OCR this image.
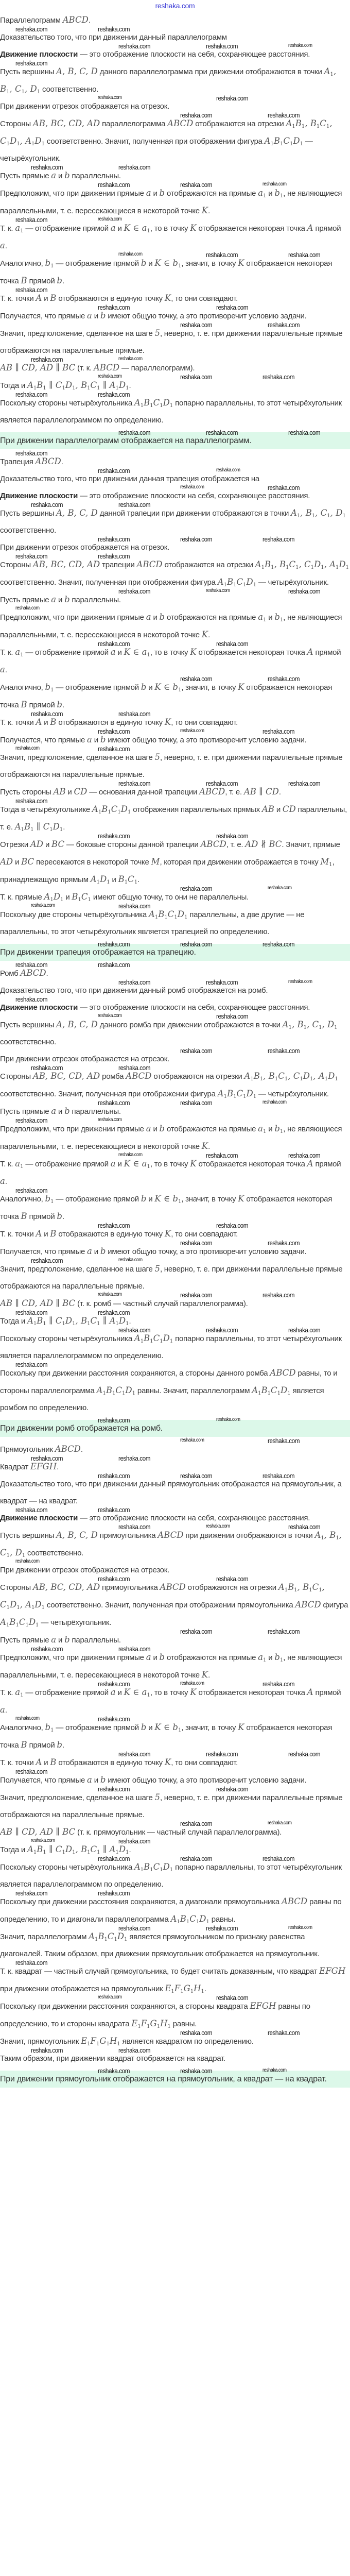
reshaka.com

Параллелограмм ABCD.

Доказательство того, что при движении данный параллелограмм
reshaka.com	reshaka.com

Движение плоскости — это отображение плоскости на себя, сохраняющее расстояния.
reshaka.com	reshaka.com	reshaka.com

Пусть вершины A, B, C, D данного параллелограмма при движении отображаются в точки $A_1$, $B_1$, $C_1$, $D_1$ соответственно.
reshaka.com

При движении отрезок отображается на отрезок.
reshaka.com	reshaka.com

Стороны AB, BC, CD, AD параллелограмма ABCD отображаются на отрезки $A_1B_1$, $B_1C_1$, $C_1D_1$, $A_1D_1$ соответственно. Значит, полученная при отображении фигура $A_1B_1C_1D_1$ — четырёхугольник.
reshaka.com	reshaka.com

Пусть прямые a и b параллельны.
reshaka.com	reshaka.com

Предположим, что при движении прямые a и b отображаются на прямые $a_1$ и $b_1$, не являющиеся параллельными, т. е. пересекающиеся в некоторой точке K.
reshaka.com	reshaka.com	reshaka.com

Т. к. $a_1$ — отображение прямой a и K ∈ $a_1$, то в точку K отображается некоторая точка A прямой a.
reshaka.com	reshaka.com

Аналогично, $b_1$ — отображение прямой b и K ∈ $b_1$, значит, в точку K отображается некоторая точка B прямой b.
reshaka.com	reshaka.com	reshaka.com

Т. к. точки A и B отображаются в единую точку K, то они совпадают.
reshaka.com

Получается, что прямые a и b имеют общую точку, а это противоречит условию задачи.
reshaka.com	reshaka.com

Значит, предположение, сделанное на шаге 5, неверно, т. е. при движении параллельные прямые отображаются на параллельные прямые.
reshaka.com	reshaka.com

AB ∥ CD, AD ∥ BC (т. к. ABCD — параллелограмм).
reshaka.com	reshaka.com

Тогда и $A_1B_1$ ∥ $C_1D_1$, $B_1C_1$ ∥ $A_1D_1$.
reshaka.com	reshaka.com	reshaka.com

Поскольку стороны четырёхугольника $A_1B_1C_1D_1$ попарно параллельны, то этот четырёхугольник является параллелограммом по определению.
reshaka.com	reshaka.com

При движении параллелограмм отображается на параллелограмм.
reshaka.com	reshaka.com	reshaka.com

Трапеция ABCD.
reshaka.com

Доказательство того, что при движении данная трапеция отображается на
reshaka.com	reshaka.com

Движение плоскости — это отображение плоскости на себя, сохраняющее расстояния.
reshaka.com	reshaka.com

Пусть вершины A, B, C, D данной трапеции при движении отображаются в точки $A_1$, $B_1$, $C_1$, $D_1$ соответственно.
reshaka.com	reshaka.com

При движении отрезок отображается на отрезок.
reshaka.com	reshaka.com	reshaka.com

Стороны AB, BC, CD, AD трапеции ABCD отображаются на отрезки $A_1B_1$, $B_1C_1$, $C_1D_1$, $A_1D_1$ соответственно. Значит, полученная при отображении фигура $A_1B_1C_1D_1$ — четырёхугольник.
reshaka.com	reshaka.com

Пусть прямые a и b параллельны.
reshaka.com	reshaka.com	reshaka.com

Предположим, что при движении прямые a и b отображаются на прямые $a_1$ и $b_1$, не являющиеся параллельными, т. е. пересекающиеся в некоторой точке K.
reshaka.com

Т. к. $a_1$ — отображение прямой a и K ∈ $a_1$, то в точку K отображается некоторая точка A прямой a.
reshaka.com	reshaka.com

Аналогично, $b_1$ — отображение прямой b и K ∈ $b_1$, значит, в точку K отображается некоторая точка B прямой b.
reshaka.com	reshaka.com

Т. к. точки A и B отображаются в единую точку K, то они совпадают.
reshaka.com	reshaka.com

Получается, что прямые a и b имеют общую точку, а это противоречит условию задачи.
reshaka.com	reshaka.com	reshaka.com

Значит, предположение, сделанное на шаге 5, неверно, т. е. при движении параллельные прямые отображаются на параллельные прямые.
reshaka.com	reshaka.com

Пусть стороны AB и CD — основания данной трапеции ABCD, т. е. AB ∥ CD.
reshaka.com	reshaka.com	reshaka.com

Тогда в четырёхугольнике $A_1B_1C_1D_1$ отображения параллельных прямых AB и CD параллельны, т. е. $A_1B_1$ ∥ $C_1D_1$.
reshaka.com

Отрезки AD и BC — боковые стороны данной трапеции ABCD, т. е. AD ∦ BC. Значит, прямые AD и BC пересекаются в некоторой точке M, которая при движении отображается в точку $M_1$, принадлежащую прямым $A_1D_1$ и $B_1C_1$.
reshaka.com	reshaka.com

Т. к. прямые $A_1D_1$ и $B_1C_1$ имеют общую точку, то они не параллельны.
reshaka.com	reshaka.com

Поскольку две стороны четырёхугольника $A_1B_1C_1D_1$ параллельны, а две другие — не параллельны, то этот четырёхугольник является трапецией по определению.
reshaka.com	reshaka.com

При движении трапеция отображается на трапецию.
reshaka.com	reshaka.com	reshaka.com

Ромб ABCD.
reshaka.com	reshaka.com

Доказательство того, что при движении данный ромб отображается на ромб.
reshaka.com	reshaka.com	reshaka.com

Движение плоскости — это отображение плоскости на себя, сохраняющее расстояния.
reshaka.com

Пусть вершины A, B, C, D данного ромба при движении отображаются в точки $A_1$, $B_1$, $C_1$, $D_1$ соответственно.
reshaka.com	reshaka.com

При движении отрезок отображается на отрезок.
reshaka.com	reshaka.com

Стороны AB, BC, CD, AD ромба ABCD отображаются на отрезки $A_1B_1$, $B_1C_1$, $C_1D_1$, $A_1D_1$ соответственно. Значит, полученная при отображении фигура $A_1B_1C_1D_1$ — четырёхугольник.
reshaka.com	reshaka.com

Пусть прямые a и b параллельны.
reshaka.com	reshaka.com	reshaka.com

Предположим, что при движении прямые a и b отображаются на прямые $a_1$ и $b_1$, не являющиеся параллельными, т. е. пересекающиеся в некоторой точке K.
reshaka.com	reshaka.com

Т. к. $a_1$ — отображение прямой a и K ∈ $a_1$, то в точку K отображается некоторая точка A прямой a.
reshaka.com	reshaka.com	reshaka.com

Аналогично, $b_1$ — отображение прямой b и K ∈ $b_1$, значит, в точку K отображается некоторая точка B прямой b.
reshaka.com

Т. к. точки A и B отображаются в единую точку K, то они совпадают.
reshaka.com	reshaka.com

Получается, что прямые a и b имеют общую точку, а это противоречит условию задачи.
reshaka.com	reshaka.com

Значит, предположение, сделанное на шаге 5, неверно, т. е. при движении параллельные прямые отображаются на параллельные прямые.
reshaka.com	reshaka.com

AB ∥ CD, AD ∥ BC (т. к. ромб — частный случай параллелограмма).
reshaka.com	reshaka.com	reshaka.com

Тогда и $A_1B_1$ ∥ $C_1D_1$, $B_1C_1$ ∥ $A_1D_1$.
reshaka.com	reshaka.com

Поскольку стороны четырёхугольника $A_1B_1C_1D_1$ попарно параллельны, то этот четырёхугольник является параллелограммом по определению.
reshaka.com	reshaka.com	reshaka.com

Поскольку при движении расстояния сохраняются, а стороны данного ромба ABCD равны, то и стороны параллелограмма $A_1B_1C_1D_1$ равны. Значит, параллелограмм $A_1B_1C_1D_1$ является ромбом по определению.
reshaka.com

При движении ромб отображается на ромб.
reshaka.com	reshaka.com

Прямоугольник ABCD.
reshaka.com	reshaka.com

Квадрат EFGH.
reshaka.com	reshaka.com

Доказательство того, что при движении данный прямоугольник отображается на прямоугольник, а квадрат — на квадрат.
reshaka.com	reshaka.com	reshaka.com

Движение плоскости — это отображение плоскости на себя, сохраняющее расстояния.
reshaka.com	reshaka.com

Пусть вершины A, B, C, D прямоугольника ABCD при движении отображаются в точки $A_1$, $B_1$, $C_1$, $D_1$ соответственно.
reshaka.com	reshaka.com	reshaka.com

При движении отрезок отображается на отрезок.
reshaka.com

Стороны AB, BC, CD, AD прямоугольника ABCD отображаются на отрезки $A_1B_1$, $B_1C_1$, $C_1D_1$, $A_1D_1$ соответственно. Значит, полученная при отображении прямоугольника ABCD фигура $A_1B_1C_1D_1$ — четырёхугольник.
reshaka.com	reshaka.com

Пусть прямые a и b параллельны.
reshaka.com	reshaka.com

Предположим, что при движении прямые a и b отображаются на прямые $a_1$ и $b_1$, не являющиеся параллельными, т. е. пересекающиеся в некоторой точке K.
reshaka.com	reshaka.com

Т. к. $a_1$ — отображение прямой a и K ∈ $a_1$, то в точку K отображается некоторая точка A прямой a.
reshaka.com	reshaka.com	reshaka.com

Аналогично, $b_1$ — отображение прямой b и K ∈ $b_1$, значит, в точку K отображается некоторая точка B прямой b.
reshaka.com	reshaka.com

Т. к. точки A и B отображаются в единую точку K, то они совпадают.
reshaka.com	reshaka.com	reshaka.com

Получается, что прямые a и b имеют общую точку, а это противоречит условию задачи.
reshaka.com

Значит, предположение, сделанное на шаге 5, неверно, т. е. при движении параллельные прямые отображаются на параллельные прямые.
reshaka.com	reshaka.com

AB ∥ CD, AD ∥ BC (т. к. прямоугольник — частный случай параллелограмма).
reshaka.com	reshaka.com

Тогда и $A_1B_1$ ∥ $C_1D_1$, $B_1C_1$ ∥ $A_1D_1$.
reshaka.com	reshaka.com

Поскольку стороны четырёхугольника $A_1B_1C_1D_1$ попарно параллельны, то этот четырёхугольник является параллелограммом по определению.
reshaka.com	reshaka.com	reshaka.com

Поскольку при движении расстояния сохраняются, а диагонали прямоугольника ABCD равны по определению, то и диагонали параллелограмма $A_1B_1C_1D_1$ равны.
reshaka.com	reshaka.com

Значит, параллелограмм $A_1B_1C_1D_1$ является прямоугольником по признаку равенства диагоналей. Таким образом, при движении прямоугольник отображается на прямоугольник.
reshaka.com	reshaka.com	reshaka.com

Т. к. квадрат — частный случай прямоугольника, то будет считать доказанным, что квадрат EFGH при движении отображается на прямоугольник $E_1F_1G_1H_1$.
reshaka.com

Поскольку при движении расстояния сохраняются, а стороны квадрата EFGH равны по определению, то и стороны квадрата $E_1F_1G_1H_1$ равны.
reshaka.com	reshaka.com

Значит, прямоугольник $E_1F_1G_1H_1$ является квадратом по определению.
reshaka.com	reshaka.com

Таким образом, при движении квадрат отображается на квадрат.
reshaka.com	reshaka.com

При движении прямоугольник отображается на прямоугольник, а квадрат — на квадрат.
reshaka.com	reshaka.com	reshaka.com
